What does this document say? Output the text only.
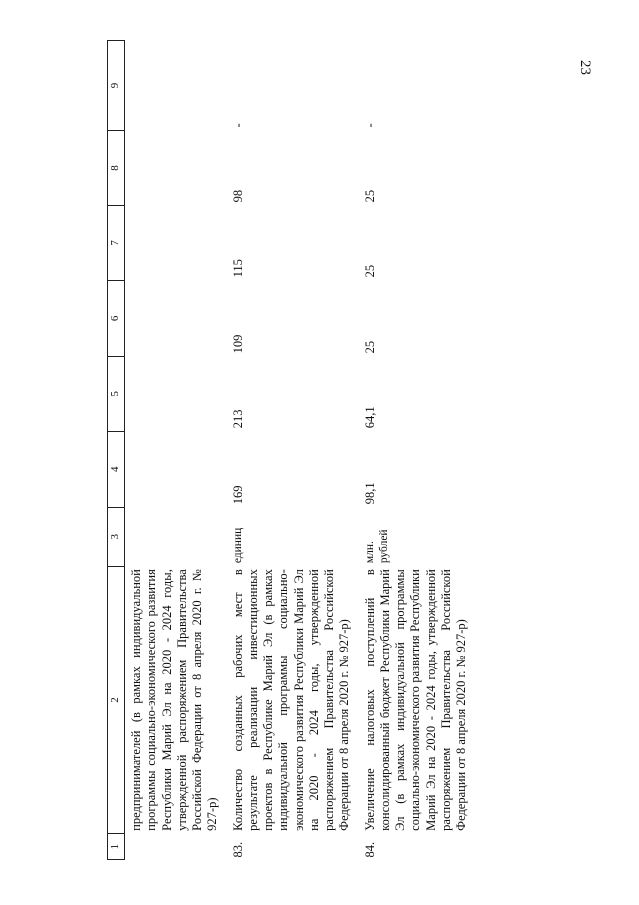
23
1	2	3	4	5	6	7	8	9
	предпринимателей (в рамках индивидуальной программы социально-экономического развития Республики Марий Эл на 2020 - 2024 годы, утвержденной распоряжением Правительства Российской Федерации от 8 апреля 2020 г. № 927-р)							
83.	Количество созданных рабочих мест в результате реализации инвестиционных проектов в Республике Марий Эл (в рамках индивидуальной программы социально-экономического развития Республики Марий Эл на 2020 - 2024 годы, утвержденной распоряжением Правительства Российской Федерации от 8 апреля 2020 г. № 927-р)	единиц	169	213	109	115	98	-
84.	Увеличение налоговых поступлений в консолидированный бюджет Республики Марий Эл (в рамках индивидуальной программы социально-экономического развития Республики Марий Эл на 2020 - 2024 годы, утвержденной распоряжением Правительства Российской Федерации от 8 апреля 2020 г. № 927-р)	млн. рублей	98,1	64,1	25	25	25	-
